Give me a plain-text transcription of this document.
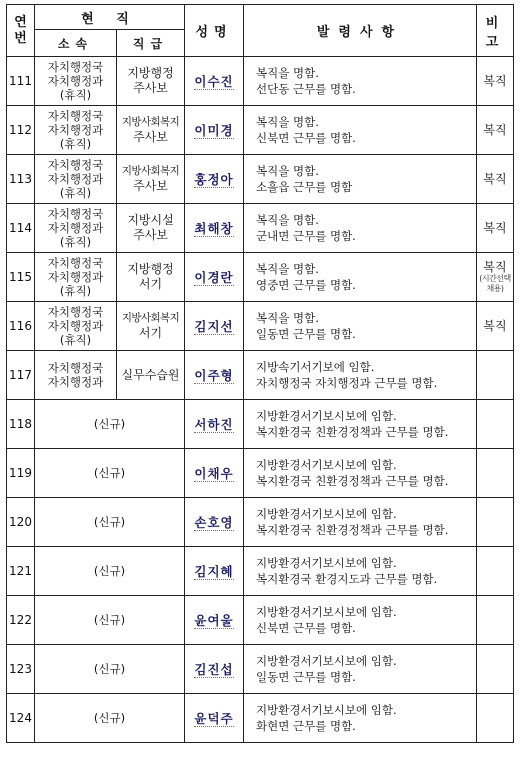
연번	현 직		성명	발령사항	비고
	소속	직급			
111	자치행정국
자치행정과
(휴직)	지방행정
주사보	이수진	복직을 명함.
선단동 근무를 명함.	복직

112	자치행정국
자치행정과
(휴직)	지방사회복지
주사보	이미경	복직을 명함.
신북면 근무를 명함.	복직

113	자치행정국
자치행정과
(휴직)	지방사회복지
주사보	홍정아	복직을 명함.
소흘읍 근무를 명함	복직

114	자치행정국
자치행정과
(휴직)	지방시설
주사보	최해창	복직을 명함.
군내면 근무를 명함.	복직

115	자치행정국
자치행정과
(휴직)	지방행정
서기	이경란	복직을 명함.
영중면 근무를 명함.	복직
(시간선택 채용)

116	자치행정국
자치행정과
(휴직)	지방사회복지
서기	김지선	복직을 명함.
일동면 근무를 명함.	복직

117	자치행정국
자치행정과	실무수습원	이주형	지방속기서기보에 임함.
자치행정국 자치행정과 근무를 명함.	

118	(신규)		서하진	지방환경서기보시보에 임함.
복지환경국 친환경정책과 근무를 명함.	

119	(신규)		이채우	지방환경서기보시보에 임함.
복지환경국 친환경정책과 근무를 명함.	

120	(신규)		손호영	지방환경서기보시보에 임함.
복지환경국 친환경정책과 근무를 명함.	

121	(신규)		김지혜	지방환경서기보시보에 임함.
복지환경국 환경지도과 근무를 명함.	

122	(신규)		윤여울	지방환경서기보시보에 임함.
신북면 근무를 명함.	

123	(신규)		김진섭	지방환경서기보시보에 임함.
일동면 근무를 명함.	

124	(신규)		윤덕주	지방환경서기보시보에 임함.
화현면 근무를 명함.	
